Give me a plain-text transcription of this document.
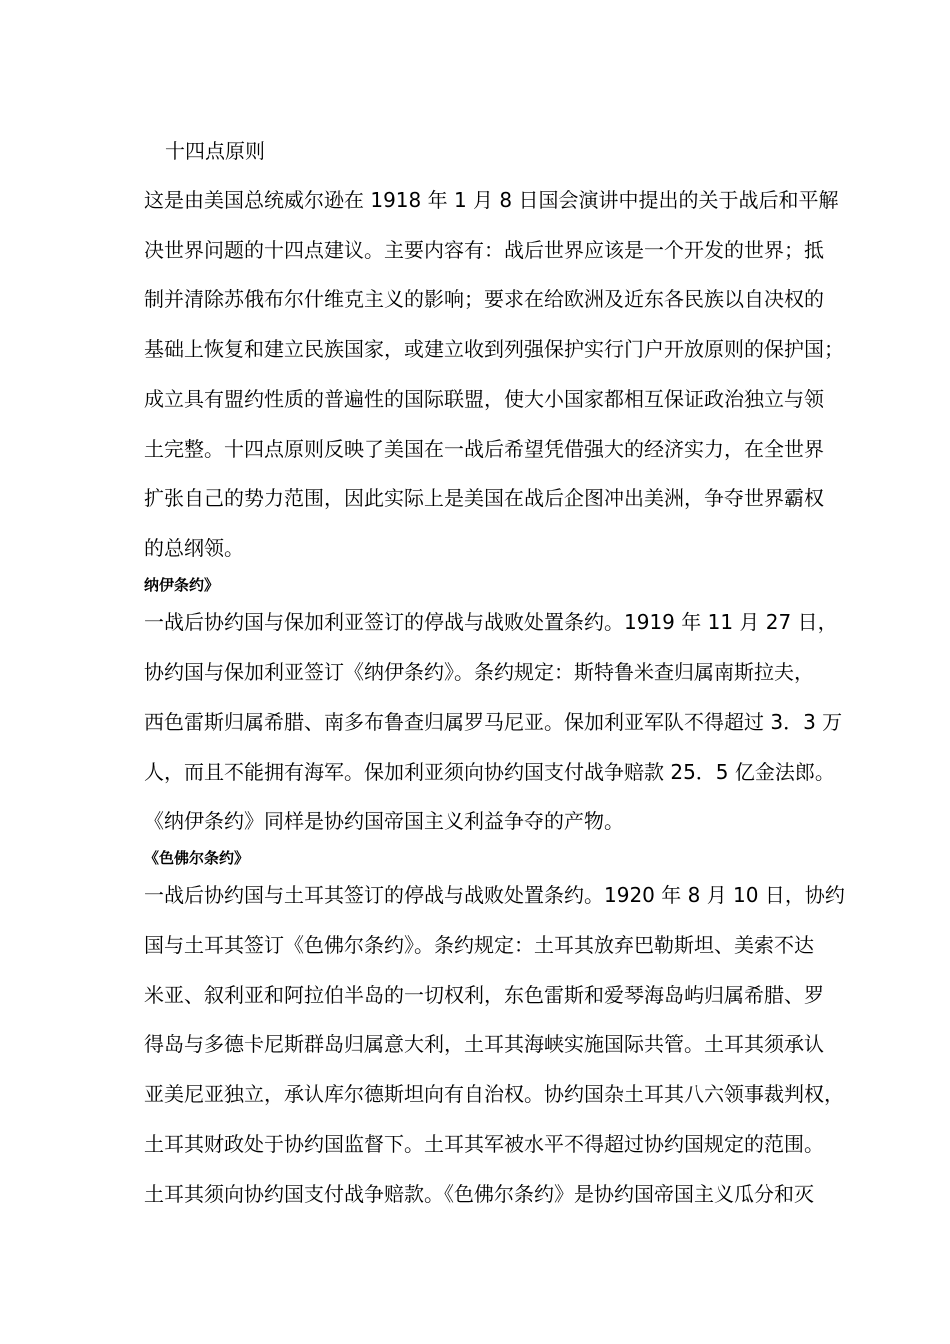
十四点原则
这是由美国总统威尔逊在 1918 年 1 月 8 日国会演讲中提出的关于战后和平解
决世界问题的十四点建议。主要内容有：战后世界应该是一个开发的世界；抵
制并清除苏俄布尔什维克主义的影响；要求在给欧洲及近东各民族以自决权的
基础上恢复和建立民族国家，或建立收到列强保护实行门户开放原则的保护国；
成立具有盟约性质的普遍性的国际联盟，使大小国家都相互保证政治独立与领
土完整。十四点原则反映了美国在一战后希望凭借强大的经济实力，在全世界
扩张自己的势力范围，因此实际上是美国在战后企图冲出美洲，争夺世界霸权
的总纲领。
纳伊条约》
一战后协约国与保加利亚签订的停战与战败处置条约。1919 年 11 月 27 日，
协约国与保加利亚签订《纳伊条约》。条约规定：斯特鲁米查归属南斯拉夫，
西色雷斯归属希腊、南多布鲁查归属罗马尼亚。保加利亚军队不得超过 3．3 万
人，而且不能拥有海军。保加利亚须向协约国支付战争赔款 25．5 亿金法郎。
《纳伊条约》同样是协约国帝国主义利益争夺的产物。
《色佛尔条约》
一战后协约国与土耳其签订的停战与战败处置条约。1920 年 8 月 10 日，协约
国与土耳其签订《色佛尔条约》。条约规定：土耳其放弃巴勒斯坦、美索不达
米亚、叙利亚和阿拉伯半岛的一切权利，东色雷斯和爱琴海岛屿归属希腊、罗
得岛与多德卡尼斯群岛归属意大利，土耳其海峡实施国际共管。土耳其须承认
亚美尼亚独立，承认库尔德斯坦向有自治权。协约国杂土耳其八六领事裁判权，
土耳其财政处于协约国监督下。土耳其军被水平不得超过协约国规定的范围。
土耳其须向协约国支付战争赔款。《色佛尔条约》是协约国帝国主义瓜分和灭
